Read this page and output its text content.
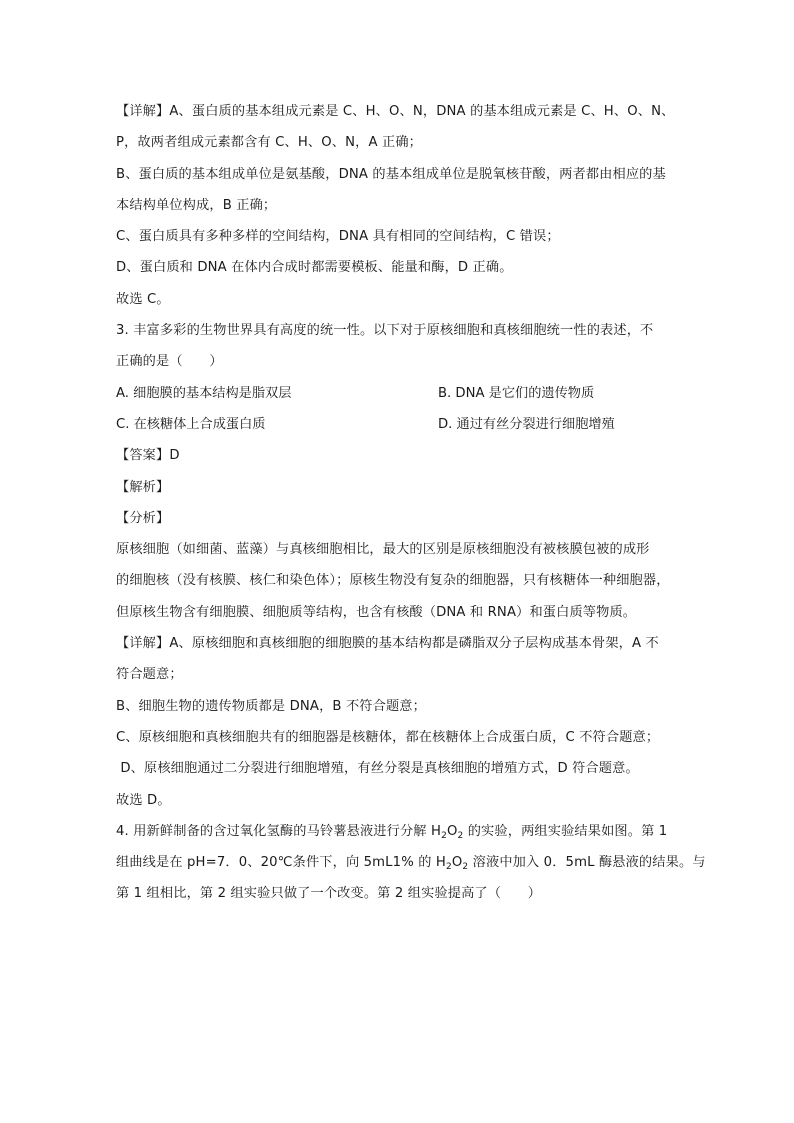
【详解】A、蛋白质的基本组成元素是 C、H、O、N，DNA 的基本组成元素是 C、H、O、N、
P，故两者组成元素都含有 C、H、O、N，A 正确；
B、蛋白质的基本组成单位是氨基酸，DNA 的基本组成单位是脱氧核苷酸，两者都由相应的基
本结构单位构成，B 正确；
C、蛋白质具有多种多样的空间结构，DNA 具有相同的空间结构，C 错误；
D、蛋白质和 DNA 在体内合成时都需要模板、能量和酶，D 正确。
故选 C。
3. 丰富多彩的生物世界具有高度的统一性。以下对于原核细胞和真核细胞统一性的表述，不
正确的是（　　）
A. 细胞膜的基本结构是脂双层	B. DNA 是它们的遗传物质
C. 在核糖体上合成蛋白质	D. 通过有丝分裂进行细胞增殖
【答案】D
【解析】
【分析】
原核细胞（如细菌、蓝藻）与真核细胞相比，最大的区别是原核细胞没有被核膜包被的成形
的细胞核（没有核膜、核仁和染色体）；原核生物没有复杂的细胞器，只有核糖体一种细胞器，
但原核生物含有细胞膜、细胞质等结构，也含有核酸（DNA 和 RNA）和蛋白质等物质。
【详解】A、原核细胞和真核细胞的细胞膜的基本结构都是磷脂双分子层构成基本骨架，A 不
符合题意；
B、细胞生物的遗传物质都是 DNA，B 不符合题意；
C、原核细胞和真核细胞共有的细胞器是核糖体，都在核糖体上合成蛋白质，C 不符合题意；
D、原核细胞通过二分裂进行细胞增殖，有丝分裂是真核细胞的增殖方式，D 符合题意。
故选 D。
4. 用新鲜制备的含过氧化氢酶的马铃薯悬液进行分解 $H_2O_2$ 的实验，两组实验结果如图。第 1
组曲线是在 pH=7．0、20℃条件下，向 5mL1% 的 $H_2O_2$ 溶液中加入 0．5mL 酶悬液的结果。与
第 1 组相比，第 2 组实验只做了一个改变。第 2 组实验提高了（　　）
